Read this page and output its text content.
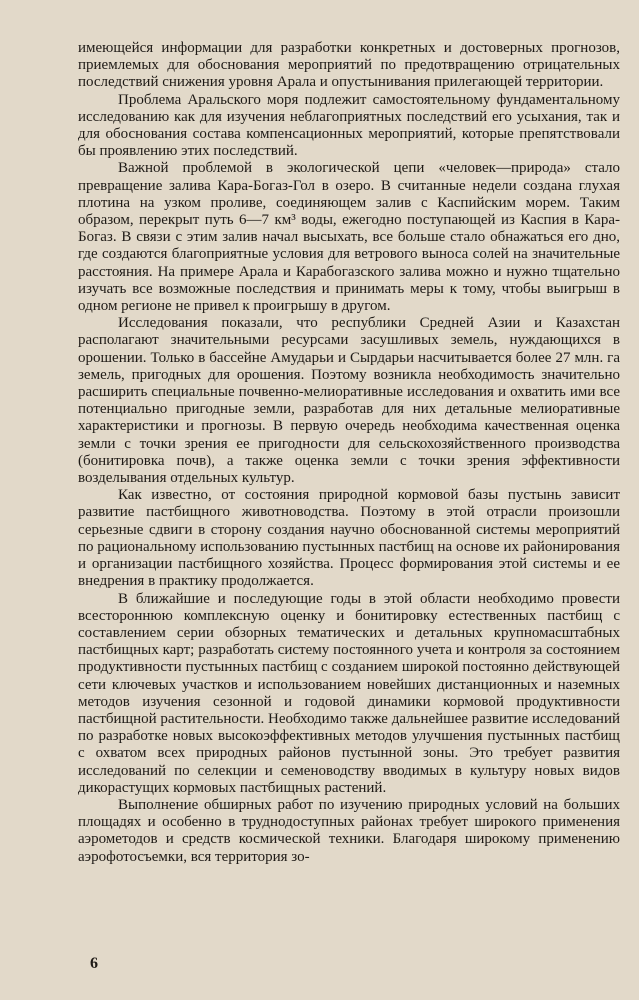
имеющейся информации для разработки конкретных и достоверных прогнозов, приемлемых для обоснования мероприятий по предотвращению отрицательных последствий снижения уровня Арала и опустынивания прилегающей территории.

Проблема Аральского моря подлежит самостоятельному фундаментальному исследованию как для изучения неблагоприятных последствий его усыхания, так и для обоснования состава компенсационных мероприятий, которые препятствовали бы проявлению этих последствий.

Важной проблемой в экологической цепи «человек—природа» стало превращение залива Кара-Богаз-Гол в озеро. В считанные недели создана глухая плотина на узком проливе, соединяющем залив с Каспийским морем. Таким образом, перекрыт путь 6—7 км³ воды, ежегодно поступающей из Каспия в Кара-Богаз. В связи с этим залив начал высыхать, все больше стало обнажаться его дно, где создаются благоприятные условия для ветрового выноса солей на значительные расстояния. На примере Арала и Карабогазского залива можно и нужно тщательно изучать все возможные последствия и принимать меры к тому, чтобы выигрыш в одном регионе не привел к проигрышу в другом.

Исследования показали, что республики Средней Азии и Казахстан располагают значительными ресурсами засушливых земель, нуждающихся в орошении. Только в бассейне Амударьи и Сырдарьи насчитывается более 27 млн. га земель, пригодных для орошения. Поэтому возникла необходимость значительно расширить специальные почвенно-мелиоративные исследования и охватить ими все потенциально пригодные земли, разработав для них детальные мелиоративные характеристики и прогнозы. В первую очередь необходима качественная оценка земли с точки зрения ее пригодности для сельскохозяйственного производства (бонитировка почв), а также оценка земли с точки зрения эффективности возделывания отдельных культур.

Как известно, от состояния природной кормовой базы пустынь зависит развитие пастбищного животноводства. Поэтому в этой отрасли произошли серьезные сдвиги в сторону создания научно обоснованной системы мероприятий по рациональному использованию пустынных пастбищ на основе их районирования и организации пастбищного хозяйства. Процесс формирования этой системы и ее внедрения в практику продолжается.

В ближайшие и последующие годы в этой области необходимо провести всестороннюю комплексную оценку и бонитировку естественных пастбищ с составлением серии обзорных тематических и детальных крупномасштабных пастбищных карт; разработать систему постоянного учета и контроля за состоянием продуктивности пустынных пастбищ с созданием широкой постоянно действующей сети ключевых участков и использованием новейших дистанционных и наземных методов изучения сезонной и годовой динамики кормовой продуктивности пастбищной растительности. Необходимо также дальнейшее развитие исследований по разработке новых высокоэффективных методов улучшения пустынных пастбищ с охватом всех природных районов пустынной зоны. Это требует развития исследований по селекции и семеноводству вводимых в культуру новых видов дикорастущих кормовых пастбищных растений.

Выполнение обширных работ по изучению природных условий на больших площадях и особенно в труднодоступных районах требует широкого применения аэрометодов и средств космической техники. Благодаря широкому применению аэрофотосъемки, вся территория зо-

6
